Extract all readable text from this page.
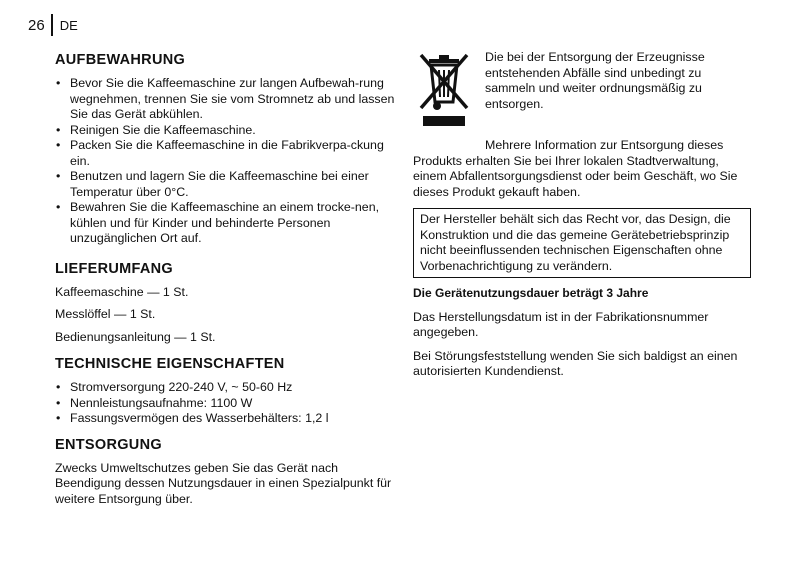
26 DE
AUFBEWAHRUNG
• Bevor Sie die Kaffeemaschine zur langen Aufbewah-rung wegnehmen, trennen Sie sie vom Stromnetz ab und lassen Sie das Gerät abkühlen.
• Reinigen Sie die Kaffeemaschine.
• Packen Sie die Kaffeemaschine in die Fabrikverpa-ckung ein.
• Benutzen und lagern Sie die Kaffeemaschine bei einer Temperatur über 0°C.
• Bewahren Sie die Kaffeemaschine an einem trocke-nen, kühlen und für Kinder und behinderte Personen unzugänglichen Ort auf.
LIEFERUMFANG

Kaffeemaschine — 1 St.

Messlöffel — 1 St.

Bedienungsanleitung — 1 St.

TECHNISCHE EIGENSCHAFTEN
• Stromversorgung 220-240 V, ~ 50-60 Hz
• Nennleistungsaufnahme: 1100 W
• Fassungsvermögen des Wasserbehälters: 1,2 l
ENTSORGUNG

Zwecks Umweltschutzes geben Sie das Gerät nach Beendigung dessen Nutzungsdauer in einen Spezialpunkt für weitere Entsorgung über.

Die bei der Entsorgung der Erzeugnisse entstehenden Abfälle sind unbedingt zu sammeln und weiter ordnungsmäßig zu entsorgen.

Mehrere Information zur Entsorgung dieses Produkts erhalten Sie bei Ihrer lokalen Stadtverwaltung, einem Abfallentsorgungsdienst oder beim Geschäft, wo Sie dieses Produkt gekauft haben.

Der Hersteller behält sich das Recht vor, das Design, die Konstruktion und die das gemeine Gerätebetriebsprinzip nicht beeinflussenden technischen Eigenschaften ohne Vorbenachrichtigung zu verändern.

Die Gerätenutzungsdauer beträgt 3 Jahre

Das Herstellungsdatum ist in der Fabrikationsnummer angegeben.

Bei Störungsfeststellung wenden Sie sich baldigst an einen autorisierten Kundendienst.
